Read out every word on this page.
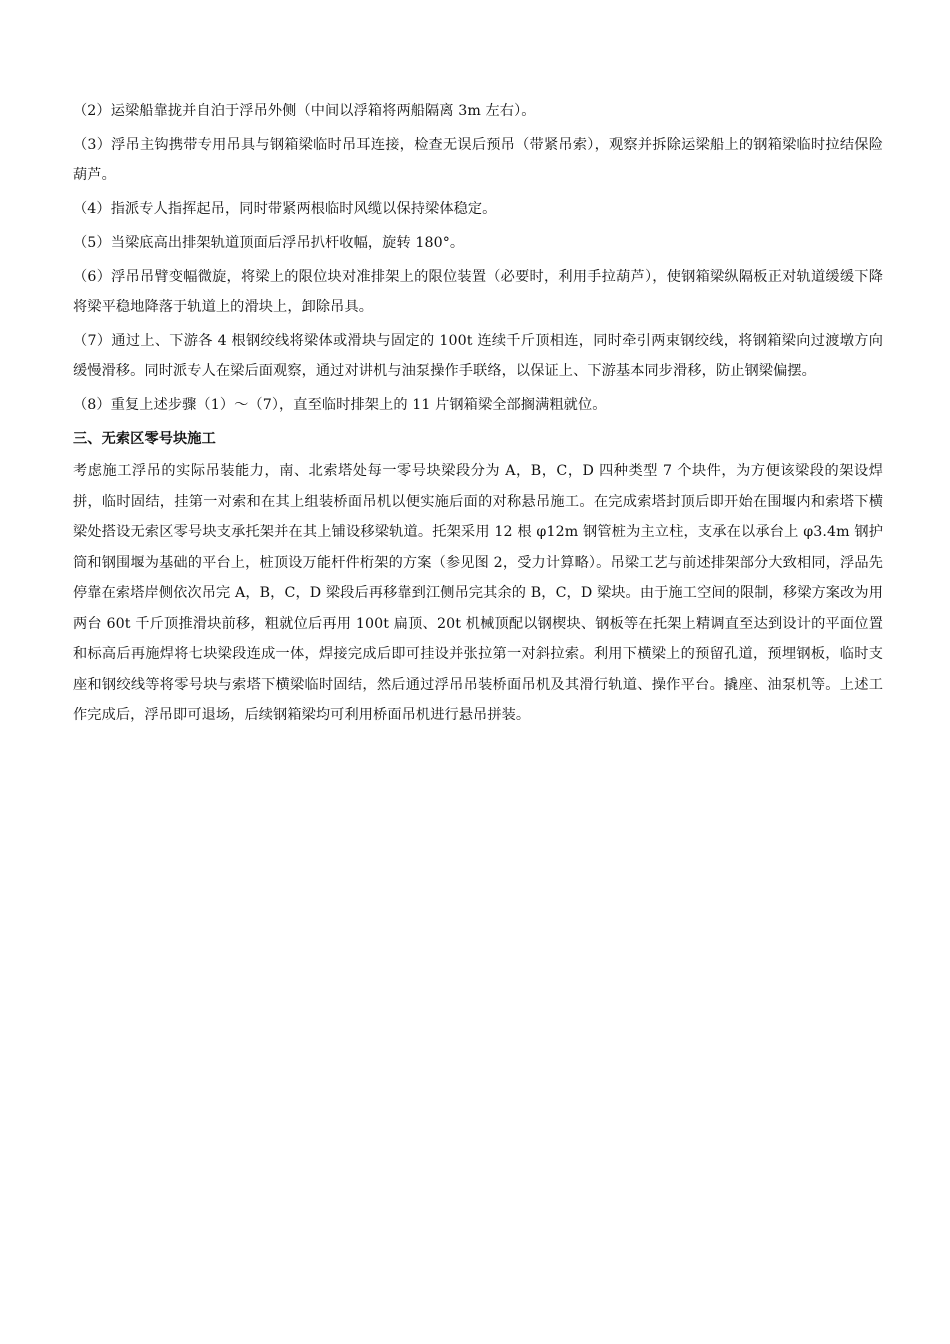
（2）运梁船靠拢并自泊于浮吊外侧（中间以浮箱将两船隔离 3m 左右）。

（3）浮吊主钩携带专用吊具与钢箱梁临时吊耳连接，检查无误后预吊（带紧吊索），观察并拆除运梁船上的钢箱梁临时拉结保险葫芦。

（4）指派专人指挥起吊，同时带紧两根临时风缆以保持梁体稳定。

（5）当梁底高出排架轨道顶面后浮吊扒杆收幅，旋转 180°。

（6）浮吊吊臂变幅微旋，将梁上的限位块对准排架上的限位装置（必要时，利用手拉葫芦），使钢箱梁纵隔板正对轨道缓缓下降将梁平稳地降落于轨道上的滑块上，卸除吊具。

（7）通过上、下游各 4 根钢绞线将梁体或滑块与固定的 100t 连续千斤顶相连，同时牵引两束钢绞线，将钢箱梁向过渡墩方向缓慢滑移。同时派专人在梁后面观察，通过对讲机与油泵操作手联络，以保证上、下游基本同步滑移，防止钢梁偏摆。

（8）重复上述步骤（1）～（7），直至临时排架上的 11 片钢箱梁全部搁满粗就位。

三、无索区零号块施工

考虑施工浮吊的实际吊装能力，南、北索塔处每一零号块梁段分为 A，B，C，D 四种类型 7 个块件，为方便该梁段的架设焊拼，临时固结，挂第一对索和在其上组装桥面吊机以便实施后面的对称悬吊施工。在完成索塔封顶后即开始在围堰内和索塔下横梁处搭设无索区零号块支承托架并在其上铺设移梁轨道。托架采用 12 根 φ12m 钢管桩为主立柱，支承在以承台上 φ3.4m 钢护筒和钢围堰为基础的平台上，桩顶设万能杆件桁架的方案（参见图 2，受力计算略）。吊梁工艺与前述排架部分大致相同，浮品先停靠在索塔岸侧依次吊完 A，B，C，D 梁段后再移靠到江侧吊完其余的 B，C，D 梁块。由于施工空间的限制，移梁方案改为用两台 60t 千斤顶推滑块前移，粗就位后再用 100t 扁顶、20t 机械顶配以钢楔块、钢板等在托架上精调直至达到设计的平面位置和标高后再施焊将七块梁段连成一体，焊接完成后即可挂设并张拉第一对斜拉索。利用下横梁上的预留孔道，预埋钢板，临时支座和钢绞线等将零号块与索塔下横梁临时固结，然后通过浮吊吊装桥面吊机及其滑行轨道、操作平台。撬座、油泵机等。上述工作完成后，浮吊即可退场，后续钢箱梁均可利用桥面吊机进行悬吊拼装。
